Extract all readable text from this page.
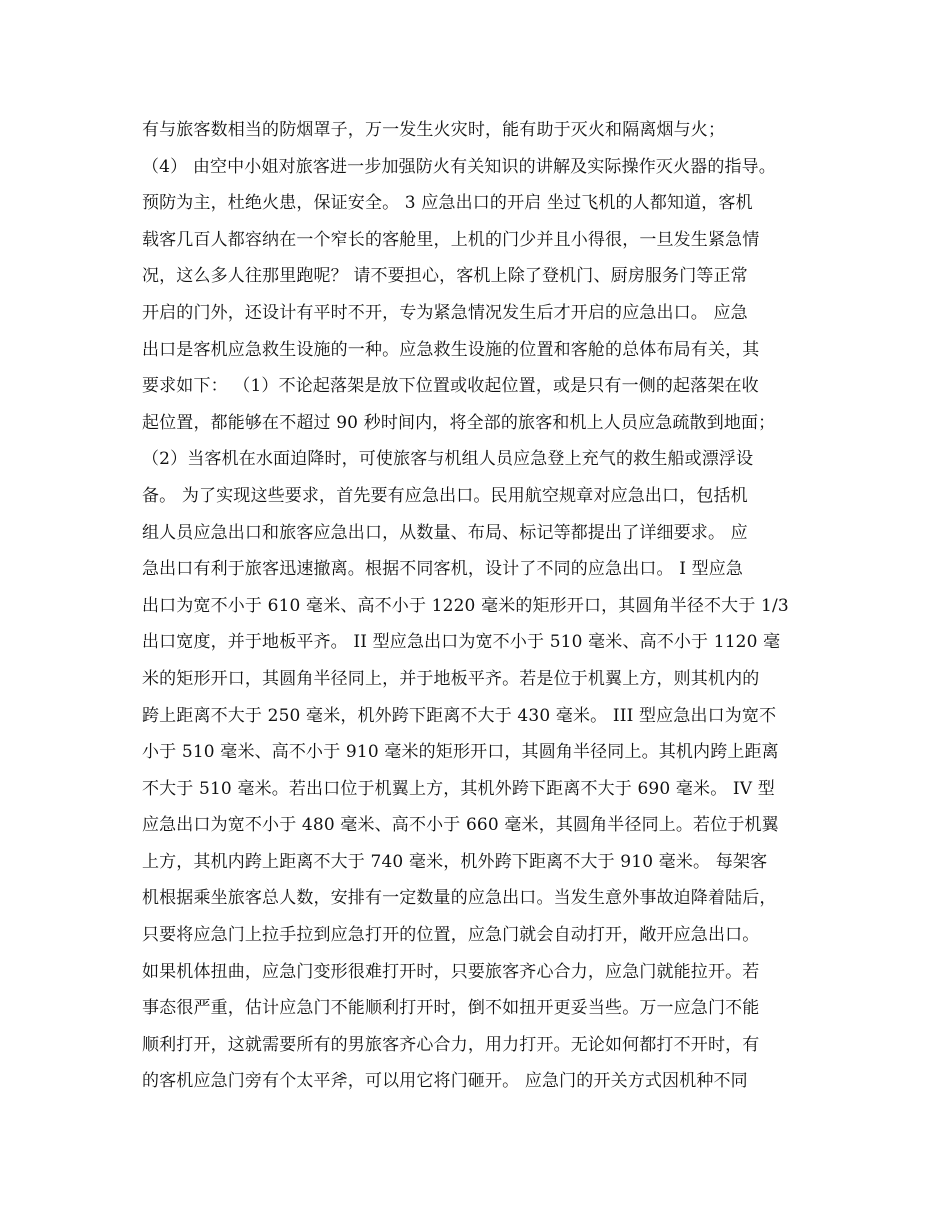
有与旅客数相当的防烟罩子，万一发生火灾时，能有助于灭火和隔离烟与火；
（4） 由空中小姐对旅客进一步加强防火有关知识的讲解及实际操作灭火器的指导。
预防为主，杜绝火患，保证安全。 3 应急出口的开启 坐过飞机的人都知道，客机
载客几百人都容纳在一个窄长的客舱里，上机的门少并且小得很，一旦发生紧急情
况，这么多人往那里跑呢？ 请不要担心，客机上除了登机门、厨房服务门等正常
开启的门外，还设计有平时不开，专为紧急情况发生后才开启的应急出口。 应急
出口是客机应急救生设施的一种。应急救生设施的位置和客舱的总体布局有关，其
要求如下： （1）不论起落架是放下位置或收起位置，或是只有一侧的起落架在收
起位置，都能够在不超过 90 秒时间内，将全部的旅客和机上人员应急疏散到地面；
（2）当客机在水面迫降时，可使旅客与机组人员应急登上充气的救生船或漂浮设
备。 为了实现这些要求，首先要有应急出口。民用航空规章对应急出口，包括机
组人员应急出口和旅客应急出口，从数量、布局、标记等都提出了详细要求。 应
急出口有利于旅客迅速撤离。根据不同客机，设计了不同的应急出口。 I 型应急
出口为宽不小于 610 毫米、高不小于 1220 毫米的矩形开口，其圆角半径不大于 1/3
出口宽度，并于地板平齐。 II 型应急出口为宽不小于 510 毫米、高不小于 1120 毫
米的矩形开口，其圆角半径同上，并于地板平齐。若是位于机翼上方，则其机内的
跨上距离不大于 250 毫米，机外跨下距离不大于 430 毫米。 III 型应急出口为宽不
小于 510 毫米、高不小于 910 毫米的矩形开口，其圆角半径同上。其机内跨上距离
不大于 510 毫米。若出口位于机翼上方，其机外跨下距离不大于 690 毫米。 IV 型
应急出口为宽不小于 480 毫米、高不小于 660 毫米，其圆角半径同上。若位于机翼
上方，其机内跨上距离不大于 740 毫米，机外跨下距离不大于 910 毫米。 每架客
机根据乘坐旅客总人数，安排有一定数量的应急出口。当发生意外事故迫降着陆后，
只要将应急门上拉手拉到应急打开的位置，应急门就会自动打开，敞开应急出口。
如果机体扭曲，应急门变形很难打开时，只要旅客齐心合力，应急门就能拉开。若
事态很严重，估计应急门不能顺利打开时，倒不如扭开更妥当些。万一应急门不能
顺利打开，这就需要所有的男旅客齐心合力，用力打开。无论如何都打不开时，有
的客机应急门旁有个太平斧，可以用它将门砸开。 应急门的开关方式因机种不同
